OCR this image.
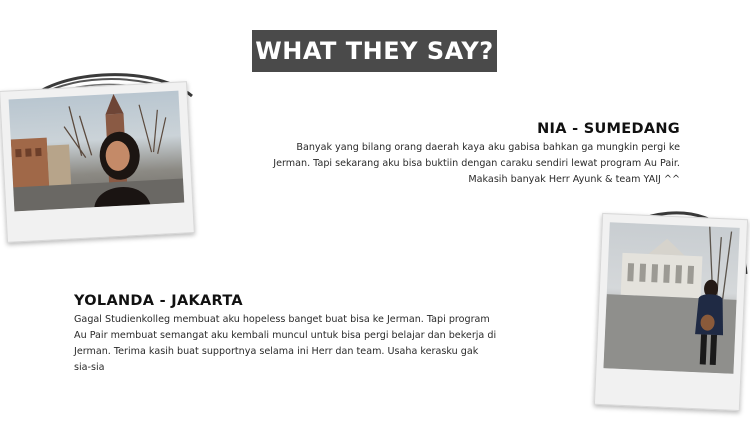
WHAT THEY SAY?
NIA - SUMEDANG
Banyak yang bilang orang daerah kaya aku gabisa bahkan ga mungkin pergi ke
Jerman. Tapi sekarang aku bisa buktiin dengan caraku sendiri lewat program Au Pair.
Makasih banyak Herr Ayunk & team YAIJ ^^
YOLANDA - JAKARTA
Gagal Studienkolleg membuat aku hopeless banget buat bisa ke Jerman. Tapi program
Au Pair membuat semangat aku kembali muncul untuk bisa pergi belajar dan bekerja di
Jerman. Terima kasih buat supportnya selama ini Herr dan team. Usaha kerasku gak
sia-sia
